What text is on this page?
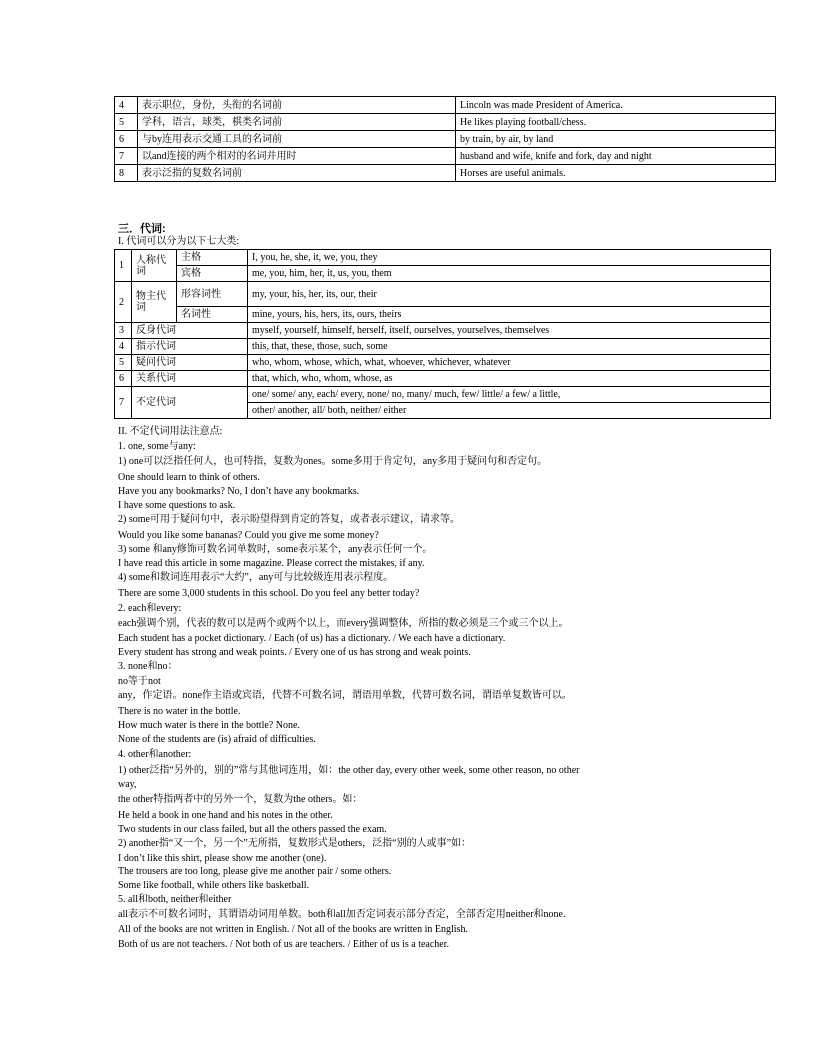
4	表示职位，身份，头衔的名词前	Lincoln was made President of America.
5	学科，语言，球类，棋类名词前	He likes playing football/chess.
6	与by连用表示交通工具的名词前	by train, by air, by land
7	以and连接的两个相对的名词并用时	husband and wife, knife and fork, day and night
8	表示泛指的复数名词前	Horses are useful animals.
三．代词:
I. 代词可以分为以下七大类:
1	人称代词	主格	I, you, he, she, it, we, you, they
		宾格	me, you, him, her, it, us, you, them
2	物主代词	形容词性	my, your, his, her, its, our, their
		名词性	mine, yours, his, hers, its, ours, theirs
3	反身代词		myself, yourself, himself, herself, itself, ourselves, yourselves, themselves
4	指示代词		this, that, these, those, such, some
5	疑问代词		who, whom, whose, which, what, whoever, whichever, whatever
6	关系代词		that, which, who, whom, whose, as
7	不定代词		one/ some/ any, each/ every, none/ no, many/ much, few/ little/ a few/ a little,
			other/ another, all/ both, neither/ either
II. 不定代词用法注意点:
1. one, some与any:
1) one可以泛指任何人，也可特指，复数为ones。some多用于肯定句，any多用于疑问句和否定句。
One should learn to think of others.
Have you any bookmarks? No, I don’t have any bookmarks.
I have some questions to ask.
2) some可用于疑问句中，表示盼望得到肯定的答复，或者表示建议，请求等。
Would you like some bananas? Could you give me some money?
3) some 和any修饰可数名词单数时，some表示某个，any表示任何一个。
I have read this article in some magazine. Please correct the mistakes, if any.
4) some和数词连用表示“大约”，any可与比较级连用表示程度。
There are some 3,000 students in this school. Do you feel any better today?
2. each和every:
each强调个别，代表的数可以是两个或两个以上，而every强调整体，所指的数必须是三个或三个以上。
Each student has a pocket dictionary. / Each (of us) has a dictionary. / We each have a dictionary.
Every student has strong and weak points. / Every one of us has strong and weak points.
3. none和no：
no等于not
any，作定语。none作主语或宾语，代替不可数名词，谓语用单数，代替可数名词，谓语单复数皆可以。
There is no water in the bottle.
How much water is there in the bottle? None.
None of the students are (is) afraid of difficulties.
4. other和another:
1) other泛指“另外的，别的”常与其他词连用，如：the other day, every other week, some other reason, no other
way,
the other特指两者中的另外一个，复数为the others。如：
He held a book in one hand and his notes in the other.
Two students in our class failed, but all the others passed the exam.
2) another指“又一个，另一个”无所指，复数形式是others，泛指“别的人或事”如：
I don’t like this shirt, please show me another (one).
The trousers are too long, please give me another pair / some others.
Some like football, while others like basketball.
5. all和both, neither和either
all表示不可数名词时，其谓语动词用单数。both和all加否定词表示部分否定，全部否定用neither和none.
All of the books are not written in English. / Not all of the books are written in English.
Both of us are not teachers. / Not both of us are teachers. / Either of us is a teacher.
